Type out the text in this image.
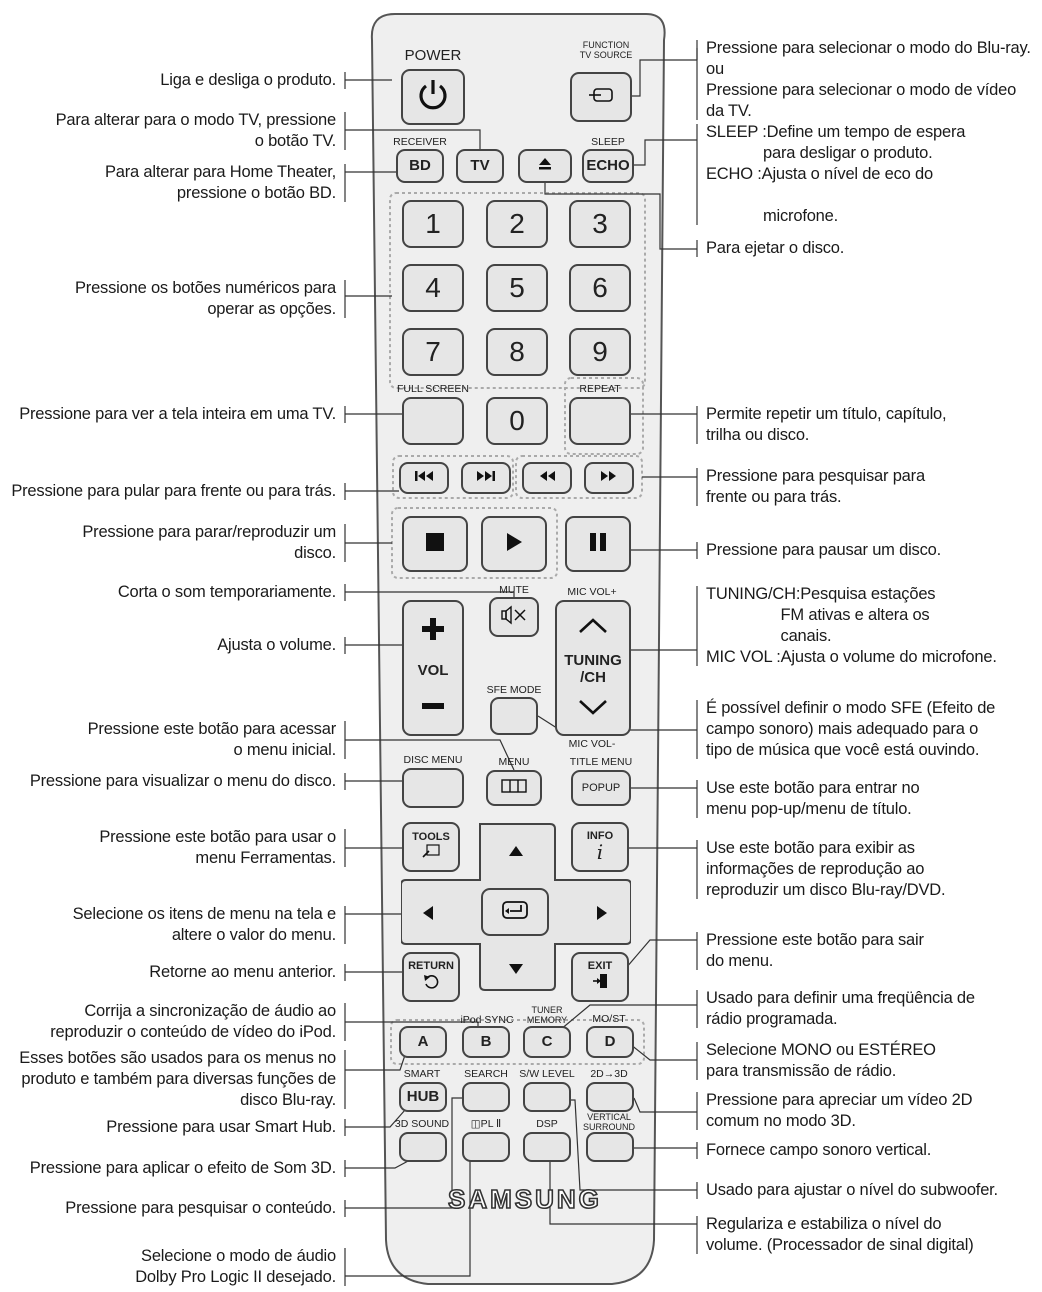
BD	TV	ECHO
1 2 3
4 5 6
7 8 9
0
VOL
TUNING
/CH
POPUP
TOOLS	INFO
i
RETURN	EXIT
A	B	C	D
HUB
POWER
FUNCTION
TV SOURCE
RECEIVER	SLEEP
FULL SCREEN	REPEAT
MUTE	MIC VOL+
SFE MODE
MIC VOL-
DISC MENU	MENU	TITLE MENU
iPod SYNC
TUNER
MEMORY MO/ST
SMART SEARCH S/W LEVEL 2D→3D
3D SOUND ◫PL Ⅱ	DSP
VERTICAL
SURROUND
SAMSUNG
Liga e desliga o produto.
Para alterar para o modo TV, pressione
o botão TV.
Para alterar para Home Theater,
pressione o botão BD.
Pressione os botões numéricos para
operar as opções.
Pressione para ver a tela inteira em uma TV.
Pressione para pular para frente ou para trás.
Pressione para parar/reproduzir um
disco.
Corta o som temporariamente.
Ajusta o volume.
Pressione este botão para acessar
o menu inicial.
Pressione para visualizar o menu do disco.
Pressione este botão para usar o
menu Ferramentas.
Selecione os itens de menu na tela e
altere o valor do menu.
Retorne ao menu anterior.
Corrija a sincronização de áudio ao
reproduzir o conteúdo de vídeo do iPod.
Esses botões são usados para os menus no
produto e também para diversas funções de
disco Blu-ray.
Pressione para usar Smart Hub.
Pressione para aplicar o efeito de Som 3D.
Pressione para pesquisar o conteúdo.
Selecione o modo de áudio
Dolby Pro Logic II desejado.
Pressione para selecionar o modo do Blu-ray.
ou
Pressione para selecionar o modo de vídeo
da TV.
SLEEP :Define um tempo de espera
para desligar o produto.
ECHO :Ajusta o nível de eco do

microfone.
Para ejetar o disco.
Permite repetir um título, capítulo,
trilha ou disco.
Pressione para pesquisar para
frente ou para trás.
Pressione para pausar um disco.
TUNING/CH:Pesquisa estações
FM ativas e altera os
canais.
MIC VOL :Ajusta o volume do microfone.
É possível definir o modo SFE (Efeito de
campo sonoro) mais adequado para o
tipo de música que você está ouvindo.
Use este botão para entrar no
menu pop-up/menu de título.
Use este botão para exibir as
informações de reprodução ao
reproduzir um disco Blu-ray/DVD.
Pressione este botão para sair
do menu.
Usado para definir uma freqüência de
rádio programada.
Selecione MONO ou ESTÉREO
para transmissão de rádio.
Pressione para apreciar um vídeo 2D
comum no modo 3D.
Fornece campo sonoro vertical.
Usado para ajustar o nível do subwoofer.
Regulariza e estabiliza o nível do
volume. (Processador de sinal digital)
